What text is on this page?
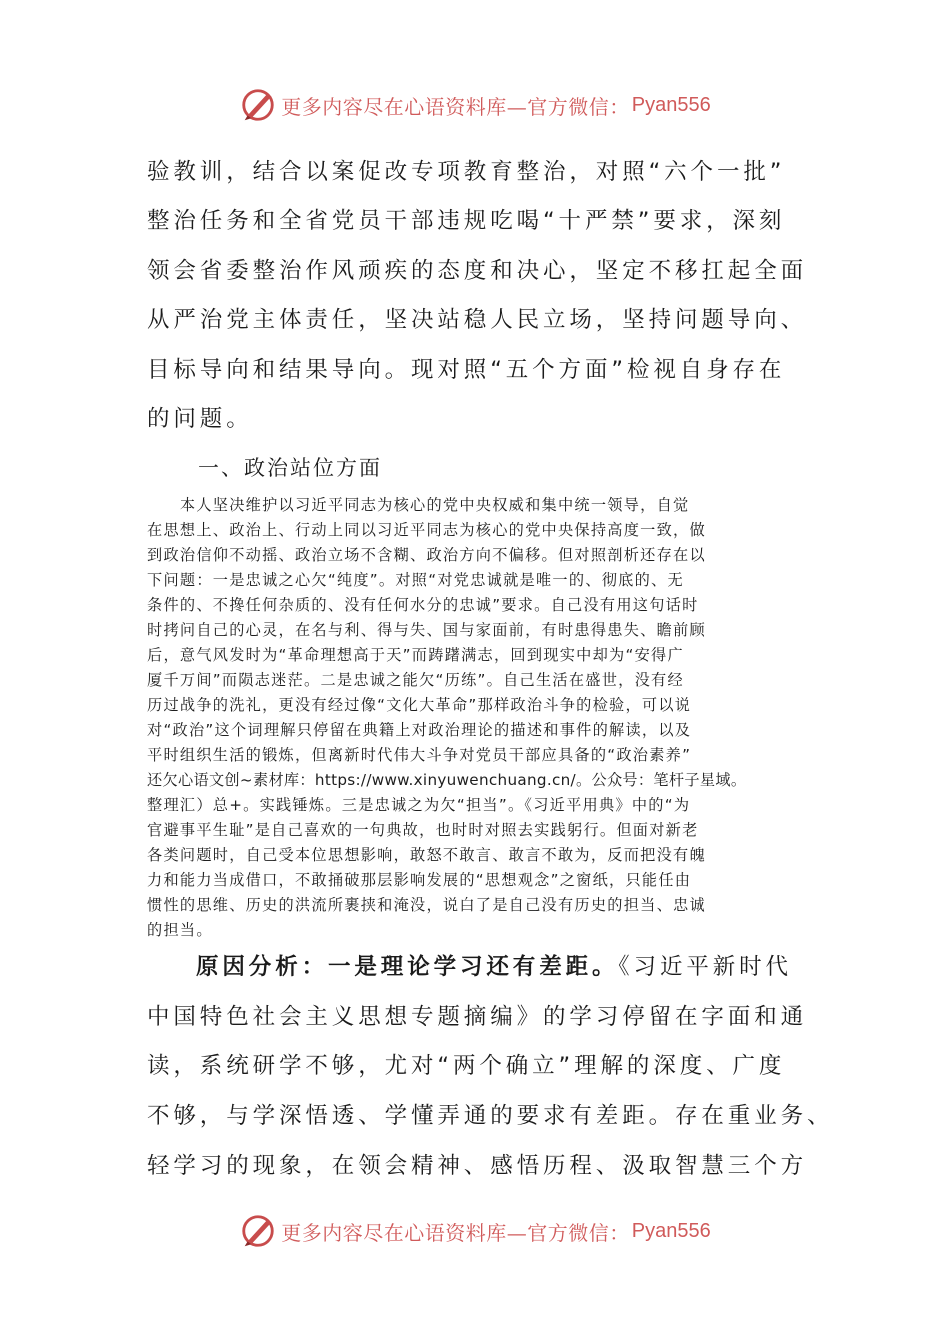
更多内容尽在心语资料库—官方微信： Pyan556
验教训，结合以案促改专项教育整治，对照“六个一批”
整治任务和全省党员干部违规吃喝“十严禁”要求，深刻
领会省委整治作风顽疾的态度和决心，坚定不移扛起全面
从严治党主体责任，坚决站稳人民立场，坚持问题导向、
目标导向和结果导向。现对照“五个方面”检视自身存在
的问题。
一、政治站位方面
　　本人坚决维护以习近平同志为核心的党中央权威和集中统一领导，自觉
在思想上、政治上、行动上同以习近平同志为核心的党中央保持高度一致，做
到政治信仰不动摇、政治立场不含糊、政治方向不偏移。但对照剖析还存在以
下问题：一是忠诚之心欠“纯度”。对照“对党忠诚就是唯一的、彻底的、无
条件的、不搀任何杂质的、没有任何水分的忠诚”要求。自己没有用这句话时
时拷问自己的心灵，在名与利、得与失、国与家面前，有时患得患失、瞻前顾
后，意气风发时为“革命理想高于天”而踌躇满志，回到现实中却为“安得广
厦千万间”而陨志迷茫。二是忠诚之能欠“历练”。自己生活在盛世，没有经
历过战争的洗礼，更没有经过像“文化大革命”那样政治斗争的检验，可以说
对“政治”这个词理解只停留在典籍上对政治理论的描述和事件的解读，以及
平时组织生活的锻炼，但离新时代伟大斗争对党员干部应具备的“政治素养”
还欠心语文创~素材库：https://www.xinyuwenchuang.cn/。公众号：笔杆子星域。
整理汇）总+。实践锤炼。三是忠诚之为欠“担当”。《习近平用典》中的“为
官避事平生耻”是自己喜欢的一句典故，也时时对照去实践躬行。但面对新老
各类问题时，自己受本位思想影响，敢怒不敢言、敢言不敢为，反而把没有魄
力和能力当成借口，不敢捅破那层影响发展的“思想观念”之窗纸，只能任由
惯性的思维、历史的洪流所裹挟和淹没，说白了是自己没有历史的担当、忠诚
的担当。
原因分析：一是理论学习还有差距。《习近平新时代
中国特色社会主义思想专题摘编》的学习停留在字面和通
读，系统研学不够，尤对“两个确立”理解的深度、广度
不够，与学深悟透、学懂弄通的要求有差距。存在重业务、
轻学习的现象，在领会精神、感悟历程、汲取智慧三个方
更多内容尽在心语资料库—官方微信： Pyan556
